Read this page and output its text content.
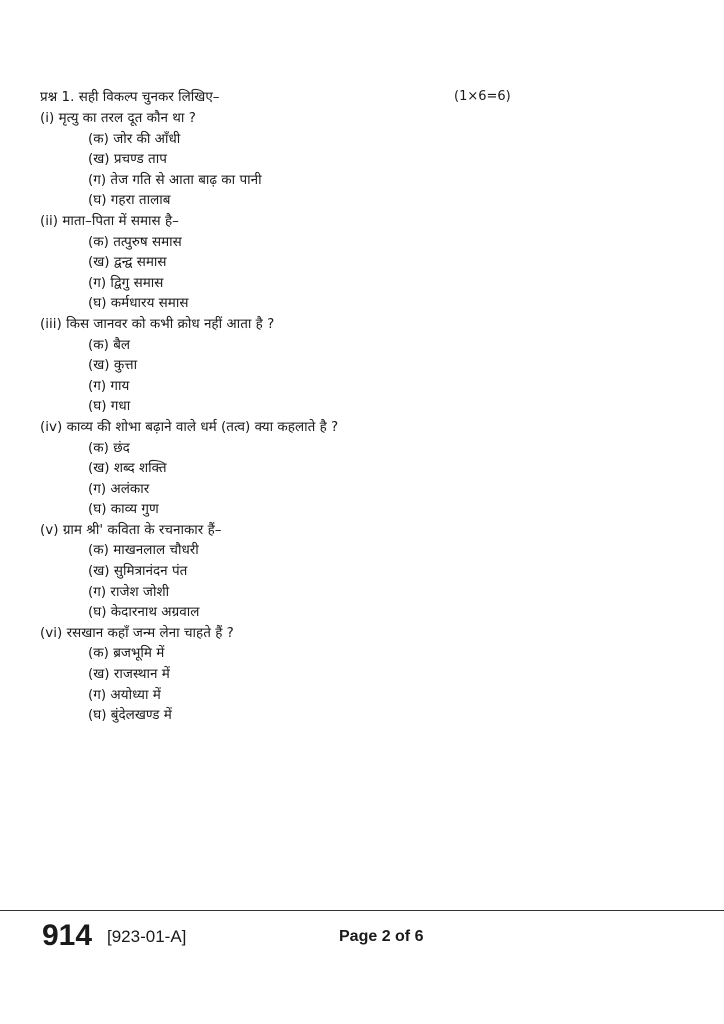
प्रश्न 1. सही विकल्प चुनकर लिखिए–	(1×6=6)
(i) मृत्यु का तरल दूत कौन था ?
(क) जोर की आँधी
(ख) प्रचण्ड ताप
(ग) तेज गति से आता बाढ़ का पानी
(घ) गहरा तालाब
(ii) माता–पिता में समास है–
(क) तत्पुरुष समास
(ख) द्वन्द्व समास
(ग) द्विगु समास
(घ) कर्मधारय समास
(iii) किस जानवर को कभी क्रोध नहीं आता है ?
(क) बैल
(ख) कुत्ता
(ग) गाय
(घ) गधा
(iv) काव्य की शोभा बढ़ाने वाले धर्म (तत्व) क्या कहलाते है ?
(क) छंद
(ख) शब्द शक्ति
(ग) अलंकार
(घ) काव्य गुण
(v) ग्राम श्री' कविता के रचनाकार हैं–
(क) माखनलाल चौधरी
(ख) सुमित्रानंदन पंत
(ग) राजेश जोशी
(घ) केदारनाथ अग्रवाल
(vi) रसखान कहाँ जन्म लेना चाहते हैं ?
(क) ब्रजभूमि में
(ख) राजस्थान में
(ग) अयोध्या में
(घ) बुंदेलखण्ड में
914 [923-01-A]	Page 2 of 6
